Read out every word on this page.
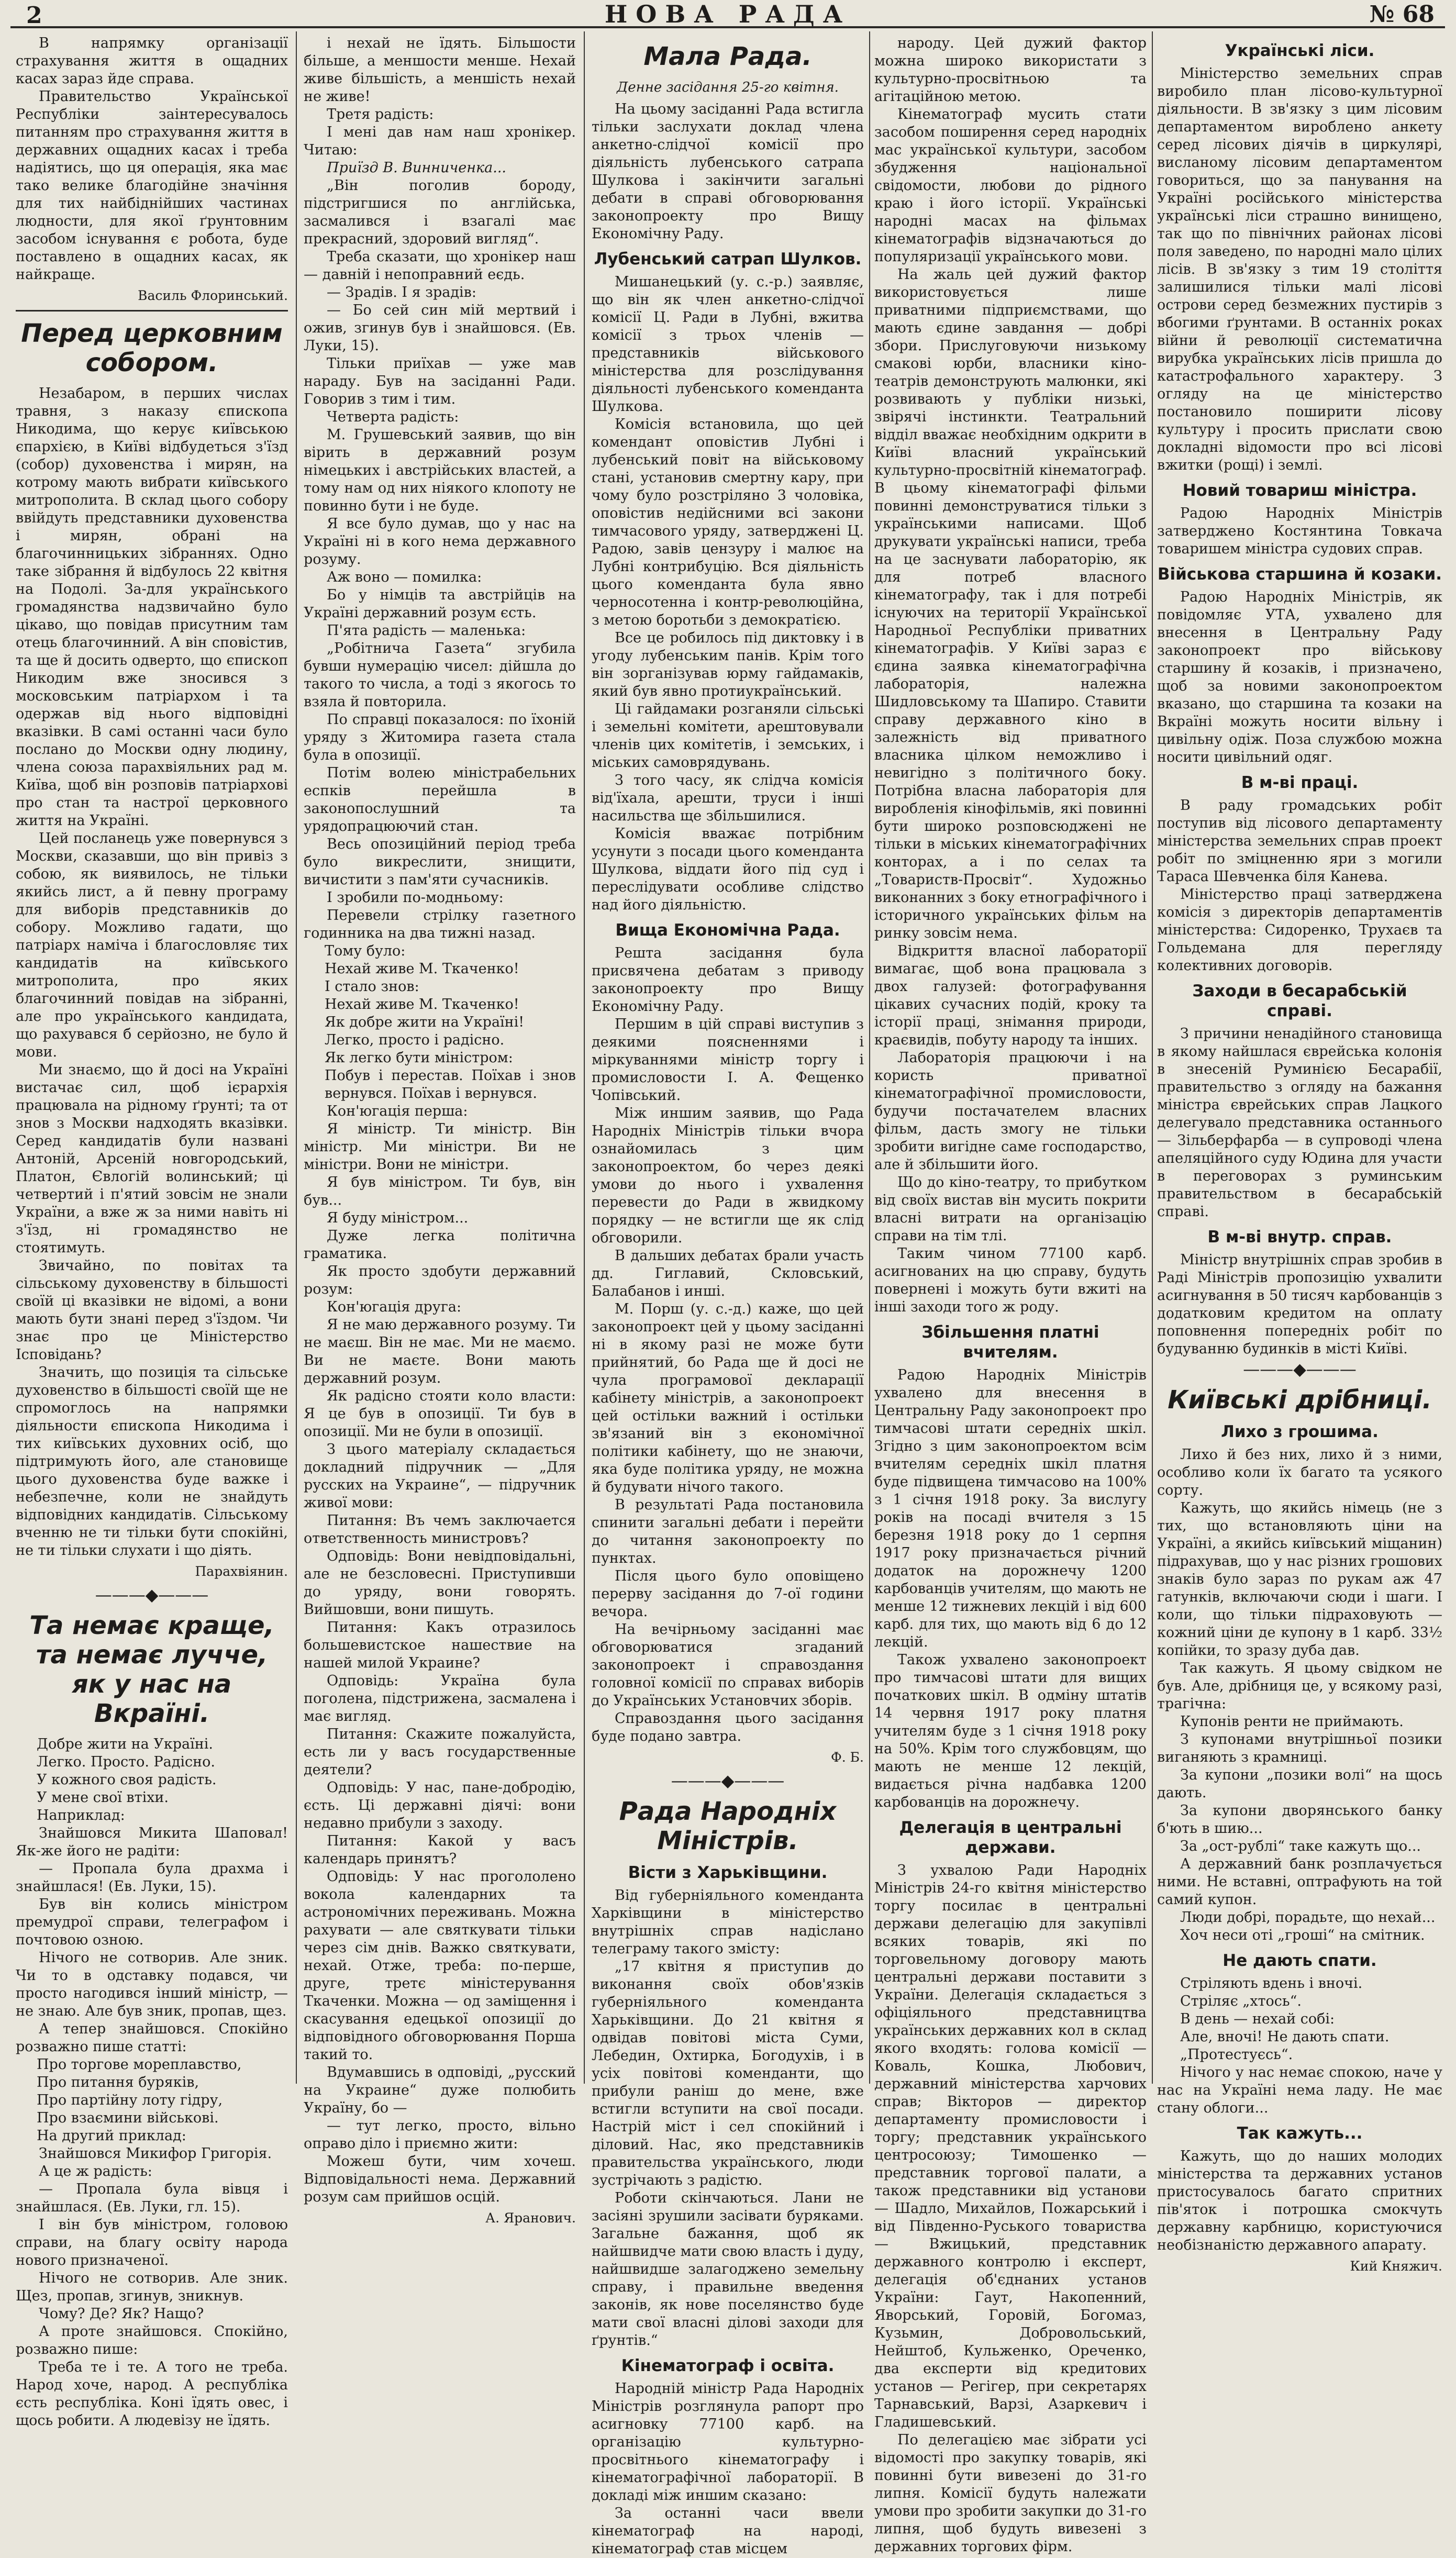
2	НОВА РАДА	№ 68

В напрямку організації страхування життя в ощадних касах зараз йде справа.

Правительство Української Республіки заінтересувалось питанням про страхування життя в державних ощадних касах і треба надіятись, що ця операція, яка має тако велике благодійне значіння для тих найбіднійших частинах людности, для якої ґрунтовним засобом існування є робота, буде поставлено в ощадних касах, як найкраще.

Василь Флоринський.
Перед церковним собором.

Незабаром, в перших числах травня, з наказу єпископа Никодима, що керує київською єпархією, в Київі відбудеться з'їзд (собор) духовенства і мирян, на котрому мають вибрати київського митрополита. В склад цього собору ввійдуть представники духовенства і мирян, обрані на благочинницьких зібраннях. Одно таке зібрання й відбулось 22 квітня на Подолі. За-для українського громадянства надзвичайно було цікаво, що повідав присутним там отець благочинний. А він сповістив, та ще й досить одверто, що єпископ Никодим вже зносився з московським патріархом і та одержав від нього відповідні вказівки. В самі останні часи було послано до Москви одну людину, члена союза парахвіяльних рад м. Київа, щоб він розповів патріархові про стан та настрої церковного життя на Україні.

Цей посланець уже повернувся з Москви, сказавши, що він привіз з собою, як виявилось, не тільки якийсь лист, а й певну програму для виборів представників до собору. Можливо гадати, що патріарх наміча і благословляє тих кандидатів на київського митрополита, про яких благочинний повідав на зібранні, але про українського кандидата, що рахувався б серйозно, не було й мови.

Ми знаємо, що й досі на Україні вистачає сил, щоб ієрархія працювала на рідному ґрунті; та от знов з Москви надходять вказівки. Серед кандидатів були названі Антоній, Арсеній новгородський, Платон, Євлогій волинський; ці четвертий і п'ятий зовсім не знали України, а вже ж за ними навіть ні з'їзд, ні громадянство не стоятимуть.

Звичайно, по повітах та сільському духовенству в більшості своїй ці вказівки не відомі, а вони мають бути знані перед з'їздом. Чи знає про це Міністерство Ісповідань?

Значить, що позиція та сільське духовенство в більшості своїй ще не спромоглось на напрямки діяльности єпископа Никодима і тих київських духовних осіб, що підтримують його, але становище цього духовенства буде важке і небезпечне, коли не знайдуть відповідних кандидатів. Сільському вченню не ти тільки бути спокійні, не ти тільки слухати і що діять.

Парахвіянин.
———◆———
Та немає краще, та немає лучче, як у нас на Вкраїні.

Добре жити на Україні.

Легко. Просто. Радісно.

У кожного своя радість.

У мене свої втіхи.

Наприклад:

Знайшовся Микита Шаповал! Як-же його не радіти:

— Пропала була драхма і знайшлася! (Ев. Луки, 15).

Був він колись міністром премудрої справи, телеграфом і почтовою озною.

Нічого не сотворив. Але зник. Чи то в одставку подався, чи просто нагодився інший міністр, — не знаю. Але був зник, пропав, щез.

А тепер знайшовся. Спокійно розважно пише статті:

Про торгове мореплавство,

Про питання буряків,

Про партійну лоту гідру,

Про взаємини військові.

На другий приклад:

Знайшовся Микифор Григорія.

А це ж радість:

— Пропала була вівця і знайшлася. (Ев. Луки, гл. 15).

І він був міністром, головою справи, на благу освіту народа нового призначеної.

Нічого не сотворив. Але зник. Щез, пропав, згинув, зникнув.

Чому? Де? Як? Нащо?

А проте знайшовся. Спокійно, розважно пише:

Треба те і те. А того не треба. Народ хоче, народ. А республіка єсть республіка. Коні їдять овес, і щось робити. А людевізу не їдять.

і нехай не їдять. Більшости більше, а меншости менше. Нехай живе більшість, а меншість нехай не живе!

Третя радість:

І мені дав нам наш хронікер. Читаю:

Приїзд В. Винниченка...

„Він поголив бороду, підстригшися по англійська, засмалився і взагалі має прекрасний, здоровий вигляд“.

Треба сказати, що хронікер наш — давній і непоправний еєдь.

— Зрадів. І я зрадів:

— Бо сей син мій мертвий і ожив, згинув був і знайшовся. (Ев. Луки, 15).

Тільки приїхав — уже мав нараду. Був на засіданні Ради. Говорив з тим і тим.

Четверта радість:

М. Грушевський заявив, що він вірить в державний розум німецьких і австрійських властей, а тому нам од них ніякого клопоту не повинно бути і не буде.

Я все було думав, що у нас на Україні ні в кого нема державного розуму.

Аж воно — помилка:

Бо у німців та австрійців на Україні державний розум єсть.

П'ята радість — маленька:

„Робітнича Газета“ згубила бувши нумерацію чисел: дійшла до такого то числа, а тоді з якогось то взяла й повторила.

По справці показалося: по їхоній уряду з Житомира газета стала була в опозиції.

Потім волею міністрабельних еспків перейшла в законопослушний та урядопрацюючий стан.

Весь опозиційний період треба було викреслити, знищити, вичистити з пам'яти сучасників.

І зробили по-модньому:

Перевели стрілку газетного годинника на два тижні назад.

Тому було:

Нехай живе М. Ткаченко!

І стало знов:

Нехай живе М. Ткаченко!

Як добре жити на Україні!

Легко, просто і радісно.

Як легко бути міністром:

Побув і перестав. Поїхав і знов вернувся. Поїхав і вернувся.

Кон'югація перша:

Я міністр. Ти міністр. Він міністр. Ми міністри. Ви не міністри. Вони не міністри.

Я був міністром. Ти був, він був...

Я буду міністром...

Дуже легка політична граматика.

Як просто здобути державний розум:

Кон'югація друга:

Я не маю державного розуму. Ти не маєш. Він не має. Ми не маємо. Ви не маєте. Вони мають державний розум.

Як радісно стояти коло власти: Я це був в опозиції. Ти був в опозиції. Ми не були в опозиції.

З цього матеріалу складається докладний підручник — „Для русских на Украине“, — підручник живої мови:

Питання: Въ чемъ заключается ответственность министровъ?

Одповідь: Вони невідповідальні, але не безсловесні. Приступивши до уряду, вони говорять. Вийшовши, вони пишуть.

Питання: Какъ отразилось большевистское нашествие на нашей милой Украине?

Одповідь: Україна була поголена, підстрижена, засмалена і має вигляд.

Питання: Скажите пожалуйста, есть ли у васъ государственные деятели?

Одповідь: У нас, пане-добродію, єсть. Ці державні діячі: вони недавно прибули з заходу.

Питання: Какой у васъ календарь принятъ?

Одповідь: У нас прогололено вокола календарних та астрономічних переживань. Можна рахувати — але святкувати тільки через сім днів. Важко святкувати, нехай. Отже, треба: по-перше, друге, третє міністерування Ткаченки. Можна — од заміщення і скасування едецької опозиції до відповідного обговорювання Порша такий то.

Вдумавшись в одповіді, „русский на Украине“ дуже полюбить Україну, бо —

— тут легко, просто, вільно оправо діло і приємно жити:

Можеш бути, чим хочеш. Відповідальності нема. Державний розум сам прийшов осцій.

А. Яранович.
Мала Рада.
Денне засідання 25-го квітня.

На цьому засіданні Рада встигла тільки заслухати доклад члена анкетно-слідчої комісії про діяльність лубенського сатрапа Шулкова і закінчити загальні дебати в справі обговорювання законопроекту про Вищу Економічну Раду.

Лубенський сатрап Шулков.

Мишанецький (у. с.-р.) заявляє, що він як член анкетно-слідчої комісії Ц. Ради в Лубні, вжитва комісії з трьох членів — представників військового міністерства для розслідування діяльності лубенського коменданта Шулкова.

Комісія встановила, що цей комендант оповістив Лубні і лубенський повіт на військовому стані, установив смертну кару, при чому було розстріляно 3 чоловіка, оповістив недійсними всі закони тимчасового уряду, затверджені Ц. Радою, завів цензуру і малює на Лубні контрибуцію. Вся діяльність цього коменданта була явно черносотенна і контр-революційна, з метою боротьби з демократією.

Все це робилось під диктовку і в угоду лубенським панів. Крім того він зорганізував юрму гайдамаків, який був явно протиукраїнський.

Ці гайдамаки розганяли сільські і земельні комітети, арештовували членів цих комітетів, і земських, і міських самоврядувань.

З того часу, як слідча комісія від'їхала, арешти, труси і інші насильства ще збільшилися.

Комісія вважає потрібним усунути з посади цього коменданта Шулкова, віддати його під суд і переслідувати особливе слідство над його діяльністю.

Вища Економічна Рада.

Решта засідання була присвячена дебатам з приводу законопроекту про Вищу Економічну Раду.

Першим в цій справі виступив з деякими поясненнями і міркуваннями міністр торгу і промисловости І. А. Фещенко Чопівський.

Між иншим заявив, що Рада Народніх Міністрів тільки вчора ознайомилась з цим законопроектом, бо через деякі умови до нього і ухвалення перевести до Ради в жвидкому порядку — не встигли ще як слід обговорили.

В дальших дебатах брали участь дд. Гиглавий, Скловський, Балабанов і инші.

М. Порш (у. с.-д.) каже, що цей законопроект цей у цьому засіданні ні в якому разі не може бути прийнятий, бо Рада ще й досі не чула програмової декларації кабінету міністрів, а законопроект цей остільки важний і остільки зв'язаний він з економічної політики кабінету, що не знаючи, яка буде політика уряду, не можна й будувати нічого такого.

В результаті Рада постановила спинити загальні дебати і перейти до читання законопроекту по пунктах.

Після цього було оповіщено перерву засідання до 7-ої години вечора.

На вечірньому засіданні має обговорюватися згаданий законопроект і справоздання головної комісії по справах виборів до Українських Установчих зборів.

Справоздання цього засідання буде подано завтра.

Ф. Б.
———◆———
Рада Народніх Міністрів.
Вісти з Харьківщини.

Від губерніяльного коменданта Харківщини в міністерство внутрішніх справ надіслано телеграму такого змісту:

„17 квітня я приступив до виконання своїх обов'язків губерніяльного коменданта Харьківщини. До 21 квітня я одвідав повітові міста Суми, Лебедин, Охтирка, Богодухів, і в усіх повітові коменданти, що прибули раніш до мене, вже встигли вступити на свої посади. Настрій міст і сел спокійний і діловий. Нас, яко представників правительства українського, люди зустрічають з радістю.

Роботи скінчаються. Лани не засіяні зрушили засівати буряками. Загальне бажання, щоб як найшвидче мати свою власть і дуду, найшвидше залагоджено земельну справу, і правильне введення законів, як нове поселянство буде мати свої власні ділові заходи для ґрунтів.“

Кінематограф і освіта.

Народній міністр Рада Народніх Міністрів розглянула рапорт про асигновку 77100 карб. на організацію культурно-просвітнього кінематографу і кінематографічної лабораторії. В докладі між иншим сказано:

За останні часи ввели кінематограф на народі, кінематограф став місцем

народу. Цей дужий фактор можна широко використати з культурно-просвітньою та агітаційною метою.

Кінематограф мусить стати засобом поширення серед народніх мас української культури, засобом збудження національної свідомости, любови до рідного краю і його історії. Українські народні масах на фільмах кінематографів відзначаються до популяризації українського мови.

На жаль цей дужий фактор використовується лише приватними підприємствами, що мають єдине завдання — добрі збори. Прислуговуючи низькому смакові юрби, власники кіно-театрів демонструють малюнки, які розвивають у публіки низькі, звірячі інстинкти. Театральний відділ вважає необхідним одкрити в Київі власний український культурно-просвітній кінематограф. В цьому кінематографі фільми повинні демонструватися тільки з українськими написами. Щоб друкувати українські написи, треба на це заснувати лабораторію, як для потреб власного кінематографу, так і для потребі існуючих на території Української Народньої Республіки приватних кінематографів. У Київі зараз є єдина заявка кінематографічна лабораторія, належна Шидловському та Шапиро. Ставити справу державного кіно в залежність від приватного власника цілком неможливо і невигідно з політичного боку. Потрібна власна лабораторія для виробленія кінофільмів, які повинні бути широко розповсюджені не тільки в міських кінематографічних конторах, а і по селах та „Товариств-Просвіт“. Художньо виконанних з боку етнографічного і історичного українських фільм на ринку зовсім нема.

Відкриття власної лабораторії вимагає, щоб вона працювала з двох галузей: фотографування цікавих сучасних подій, кроку та історії праці, знімання природи, краєвидів, побуту народу та інших.

Лабораторія працюючи і на користь приватної кінематографічної промисловости, будучи постачателем власних фільм, дасть змогу не тільки зробити вигідне саме господарство, але й збільшити його.

Що до кіно-театру, то прибутком від своїх вистав він мусить покрити власні витрати на організацію справи на тім тлі.

Таким чином 77100 карб. асигнованих на цю справу, будуть повернені і можуть бути вжиті на інші заходи того ж роду.

Збільшення платні вчителям.

Радою Народніх Міністрів ухвалено для внесення в Центральну Раду законопроект про тимчасові штати середніх шкіл. Згідно з цим законопроектом всім вчителям середніх шкіл платня буде підвищена тимчасово на 100% з 1 січня 1918 року. За вислугу років на посаді вчителя з 15 березня 1918 року до 1 серпня 1917 року призначається річний додаток на дорожнечу 1200 карбованців учителям, що мають не менше 12 тижневих лекцій і від 600 карб. для тих, що мають від 6 до 12 лекцій.

Також ухвалено законопроект про тимчасові штати для вищих початкових шкіл. В одміну штатів 14 червня 1917 року платня учителям буде з 1 січня 1918 року на 50%. Крім того службовцям, що мають не менше 12 лекцій, видається річна надбавка 1200 карбованців на дорожнечу.

Делегація в центральні держави.

З ухвалою Ради Народніх Міністрів 24-го квітня міністерство торгу посилає в центральні держави делегацію для закупівлі всяких товарів, які по торговельному договору мають центральні держави поставити з України. Делегація складається з офіціяльного представництва українських державних кол в склад якого входять: голова комісії — Коваль, Кошка, Любович, державний міністерства харчових справ; Вікторов — директор департаменту промисловости і торгу; представник українського центросоюзу; Тимошенко — представник торгової палати, а також представники від установи — Шадло, Михайлов, Пожарський і від Південно-Руського товариства — Вжицький, представник державного контролю і експерт, делегація об'єднаних установ України: Гаут, Накопенний, Яворський, Горовій, Богомаз, Кузьмин, Добровольський, Нейштоб, Кульженко, Ореченко, два експерти від кредитових установ — Регігер, при секретарях Тарнавський, Варзі, Азаркевич і Гладишевський.

По делегацією має зібрати усі відомості про закупку товарів, які повинні бути вивезені до 31-го липня. Комісії будуть належати умови про зробити закупки до 31-го липня, щоб будуть вивезені з державних торгових фірм.

Українські ліси.

Міністерство земельних справ виробило план лісово-культурної діяльности. В зв'язку з цим лісовим департаментом вироблено анкету серед лісових діячів в циркулярі, висланому лісовим департаментом говориться, що за панування на Україні російського міністерства українські ліси страшно винищено, так що по північних районах лісові поля заведено, по народні мало цілих лісів. В зв'язку з тим 19 століття залишилися тільки малі лісові острови серед безмежних пустирів з вбогими ґрунтами. В останніх роках війни й революції систематична вирубка українських лісів пришла до катастрофального характеру. З огляду на це міністерство постановило поширити лісову культуру і просить прислати свою докладні відомости про всі лісові вжитки (рощі) і землі.

Новий товариш міністра.

Радою Народніх Міністрів затверджено Костянтина Товкача товаришем міністра судових справ.

Військова старшина й козаки.

Радою Народніх Міністрів, як повідомляє УТА, ухвалено для внесення в Центральну Раду законопроект про військову старшину й козаків, і призначено, щоб за новими законопроектом вказано, що старшина та козаки на Вкраїні можуть носити вільну і цивільну одіж. Поза службою можна носити цивільний одяг.

В м-ві праці.

В раду громадських робіт поступив від лісового департаменту міністерства земельних справ проект робіт по зміцненню яри з могили Тараса Шевченка біля Канева.

Міністерство праці затверджена комісія з директорів департаментів міністерства: Сидоренко, Трухаєв та Гольдемана для перегляду колективних договорів.

Заходи в бесарабській справі.

З причини ненадійного становища в якому найшлася єврейська колонія в знесеній Руминією Бесарабії, правительство з огляду на бажання міністра єврейських справ Лацкого делегувало представника останнього — Зільберфарба — в супроводі члена апеляційного суду Юдина для участи в переговорах з руминським правительством в бесарабській справі.

В м-ві внутр. справ.

Міністр внутрішніх справ зробив в Раді Міністрів пропозицію ухвалити асигнування в 50 тисяч карбованців з додатковим кредитом на оплату поповнення попередніх робіт по будуванню будинків в місті Київі.

———◆———
Київські дрібниці.
Лихо з грошима.

Лихо й без них, лихо й з ними, особливо коли їх багато та усякого сорту.

Кажуть, що якийсь німець (не з тих, що встановляють ціни на Україні, а якийсь київський міщанин) підрахував, що у нас різних грошових знаків було зараз по рукам аж 47 гатунків, включаючи сюди і шаги. І коли, що тільки підраховують — кожний ціни де купону в 1 карб. 33½ копійки, то зразу дуба дав.

Так кажуть. Я цьому свідком не був. Але, дрібниця це, у всякому разі, трагічна:

Купонів ренти не приймають.

З купонами внутрішньої позики виганяють з крамниці.

За купони „позики волі“ на щось дають.

За купони дворянського банку б'ють в шию...

За „ост-рублі“ таке кажуть що...

А державний банк розплачується ними. Не вставні, оптрафують на той самий купон.

Люди добрі, порадьте, що нехай...

Хоч неси оті „гроші“ на смітник.

Не дають спати.

Стріляють вдень і вночі.

Стріляє „хтось“.

В день — нехай собі:

Але, вночі! Не дають спати.

„Протестуєсь“.

Нічого у нас немає спокою, наче у нас на Україні нема ладу. Не має стану облоги...

Так кажуть...

Кажуть, що до наших молодих міністерства та державних установ пристосувалось багато спритних пів'яток і потрошка смокчуть державну карбницю, користуючися необізнаністю державного апарату.

Кий Княжич.
